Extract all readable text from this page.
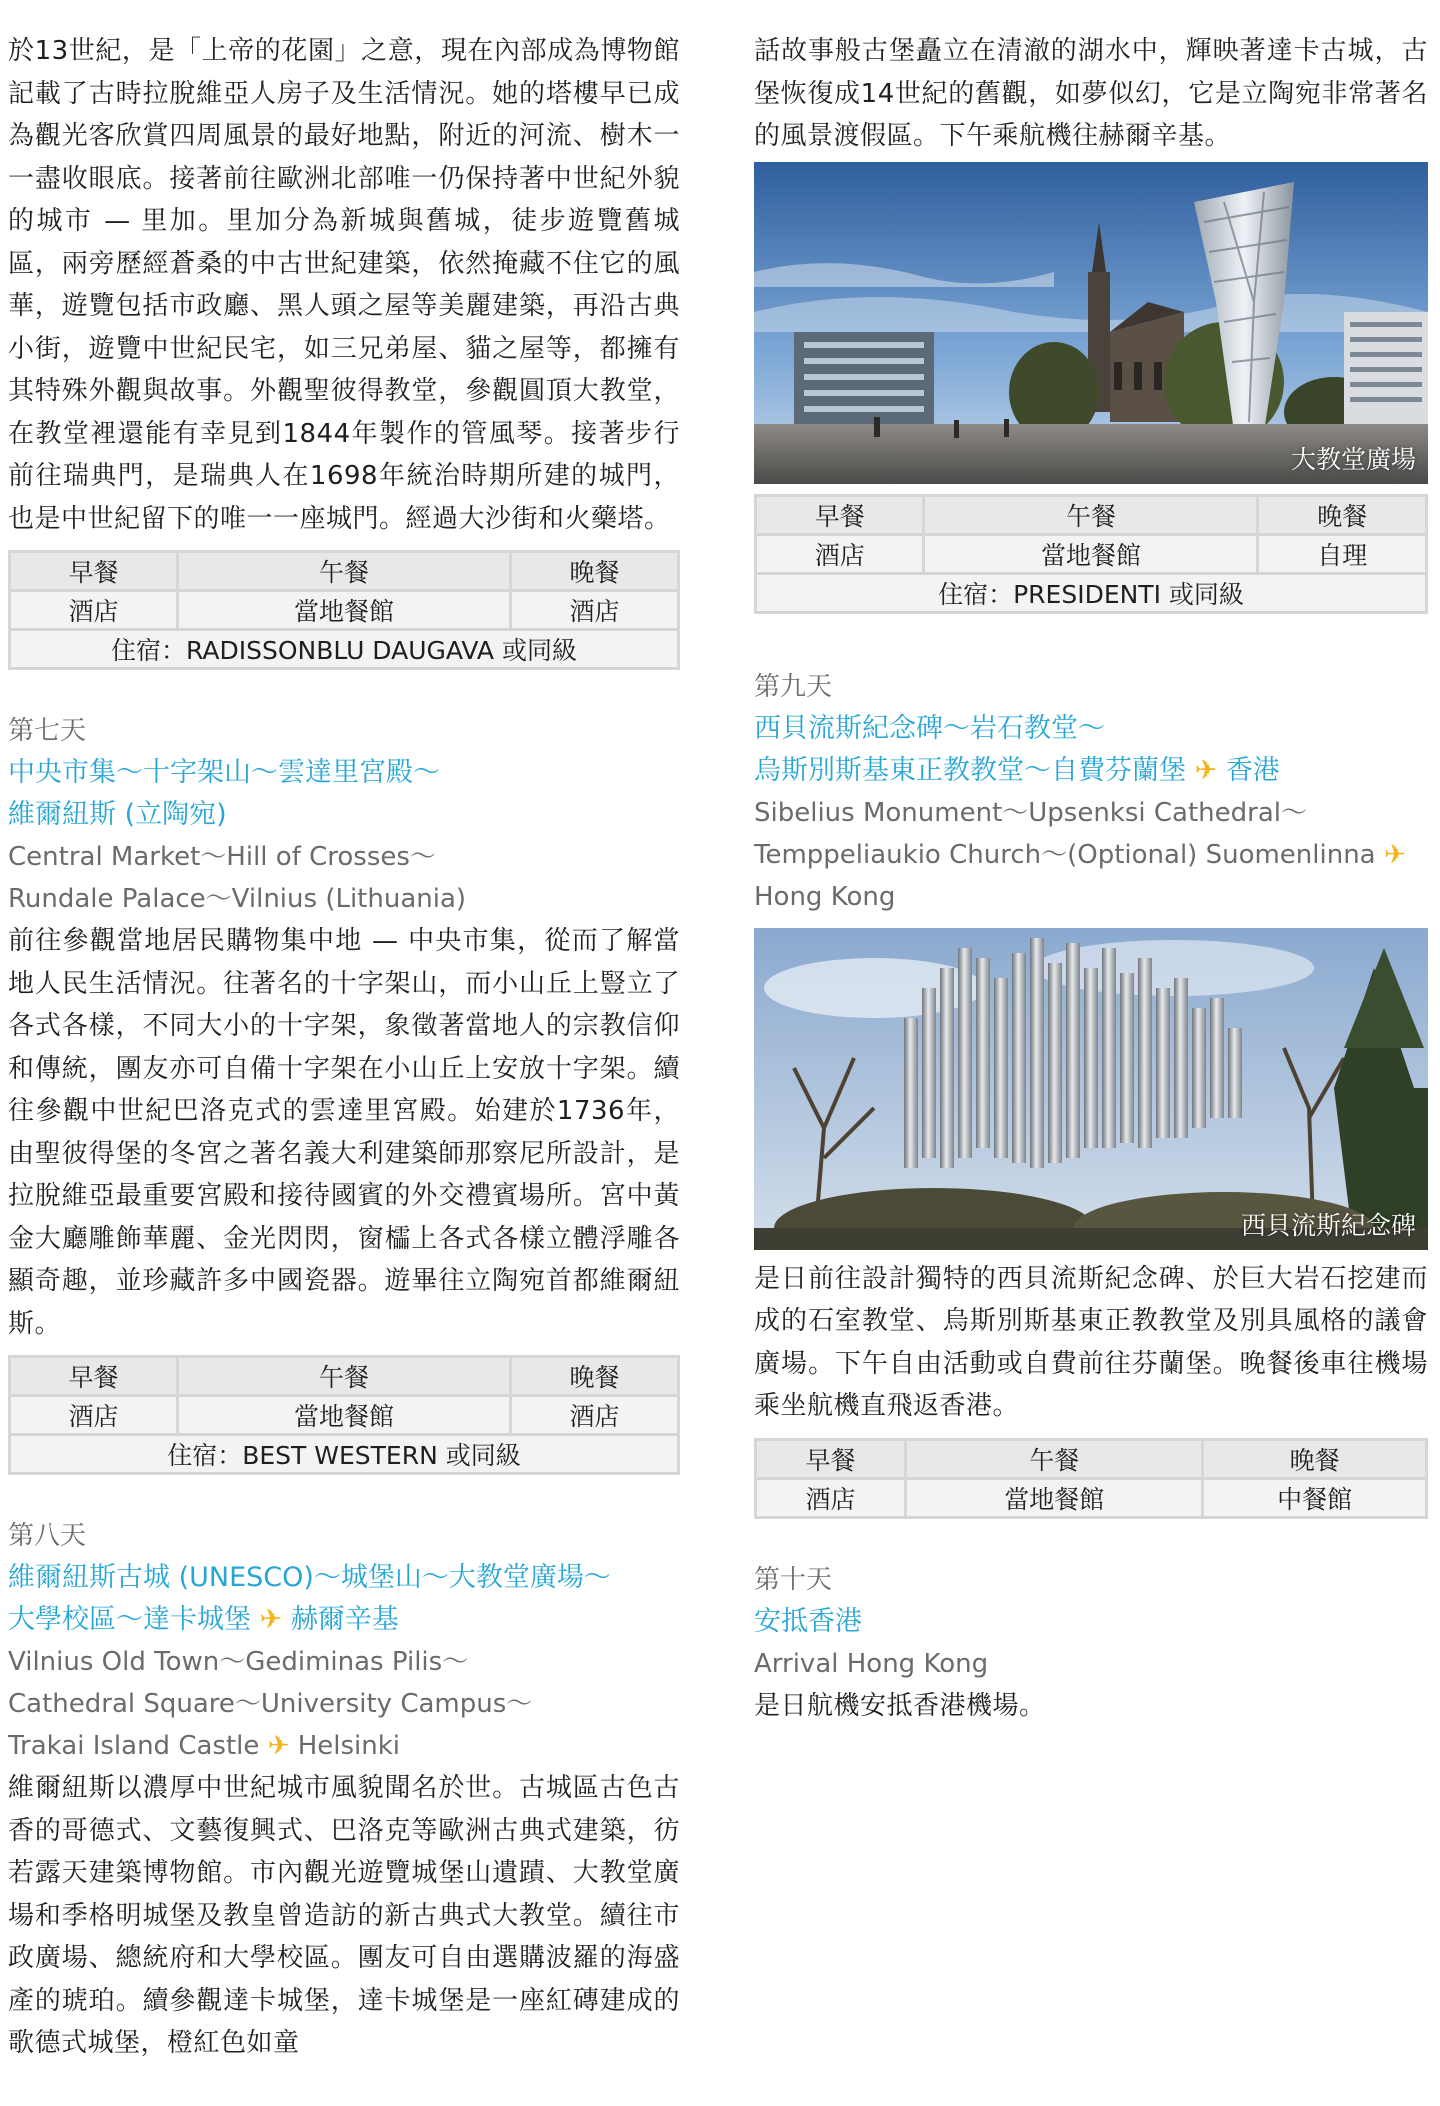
於13世紀，是「上帝的花園」之意，現在內部成為博物館記載了古時拉脫維亞人房子及生活情況。她的塔樓早已成為觀光客欣賞四周風景的最好地點，附近的河流、樹木一一盡收眼底。接著前往歐洲北部唯一仍保持著中世紀外貌的城市 — 里加。里加分為新城與舊城，徒步遊覽舊城區，兩旁歷經蒼桑的中古世紀建築，依然掩藏不住它的風華，遊覽包括市政廳、黑人頭之屋等美麗建築，再沿古典小街，遊覽中世紀民宅，如三兄弟屋、貓之屋等，都擁有其特殊外觀與故事。外觀聖彼得教堂，參觀圓頂大教堂，在教堂裡還能有幸見到1844年製作的管風琴。接著步行前往瑞典門，是瑞典人在1698年統治時期所建的城門，也是中世紀留下的唯一一座城門。經過大沙街和火藥塔。

早餐	午餐	晚餐
酒店	當地餐館	酒店
住宿：RADISSONBLU DAUGAVA 或同級		

第七天

中央市集～十字架山～雲達里宮殿～

維爾紐斯 (立陶宛)

Central Market～Hill of Crosses～

Rundale Palace～Vilnius (Lithuania)

前往參觀當地居民購物集中地 — 中央市集，從而了解當地人民生活情況。往著名的十字架山，而小山丘上豎立了各式各樣，不同大小的十字架，象徵著當地人的宗教信仰和傳統，團友亦可自備十字架在小山丘上安放十字架。續往參觀中世紀巴洛克式的雲達里宮殿。始建於1736年，由聖彼得堡的冬宮之著名義大利建築師那察尼所設計，是拉脫維亞最重要宮殿和接待國賓的外交禮賓場所。宮中黃金大廳雕飾華麗、金光閃閃，窗櫺上各式各樣立體浮雕各顯奇趣，並珍藏許多中國瓷器。遊畢往立陶宛首都維爾紐斯。

早餐	午餐	晚餐
酒店	當地餐館	酒店
住宿：BEST WESTERN 或同級		

第八天

維爾紐斯古城 (UNESCO)～城堡山～大教堂廣場～

大學校區～達卡城堡 ✈ 赫爾辛基

Vilnius Old Town～Gediminas Pilis～

Cathedral Square～University Campus～

Trakai Island Castle ✈ Helsinki

維爾紐斯以濃厚中世紀城市風貌聞名於世。古城區古色古香的哥德式、文藝復興式、巴洛克等歐洲古典式建築，彷若露天建築博物館。市內觀光遊覽城堡山遺蹟、大教堂廣場和季格明城堡及教皇曾造訪的新古典式大教堂。續往市政廣場、總統府和大學校區。團友可自由選購波羅的海盛產的琥珀。續參觀達卡城堡，達卡城堡是一座紅磚建成的歌德式城堡，橙紅色如童

話故事般古堡矗立在清澈的湖水中，輝映著達卡古城，古堡恢復成14世紀的舊觀，如夢似幻，它是立陶宛非常著名的風景渡假區。下午乘航機往赫爾辛基。

大教堂廣場
早餐	午餐	晚餐
酒店	當地餐館	自理
住宿：PRESIDENTI 或同級		

第九天

西貝流斯紀念碑～岩石教堂～

烏斯別斯基東正教教堂～自費芬蘭堡 ✈ 香港

Sibelius Monument～Upsenksi Cathedral～

Temppeliaukio Church～(Optional) Suomenlinna ✈

Hong Kong

西貝流斯紀念碑

是日前往設計獨特的西貝流斯紀念碑、於巨大岩石挖建而成的石室教堂、烏斯別斯基東正教教堂及別具風格的議會廣場。下午自由活動或自費前往芬蘭堡。晚餐後車往機場乘坐航機直飛返香港。

早餐	午餐	晚餐
酒店	當地餐館	中餐館

第十天

安抵香港

Arrival Hong Kong

是日航機安抵香港機場。
